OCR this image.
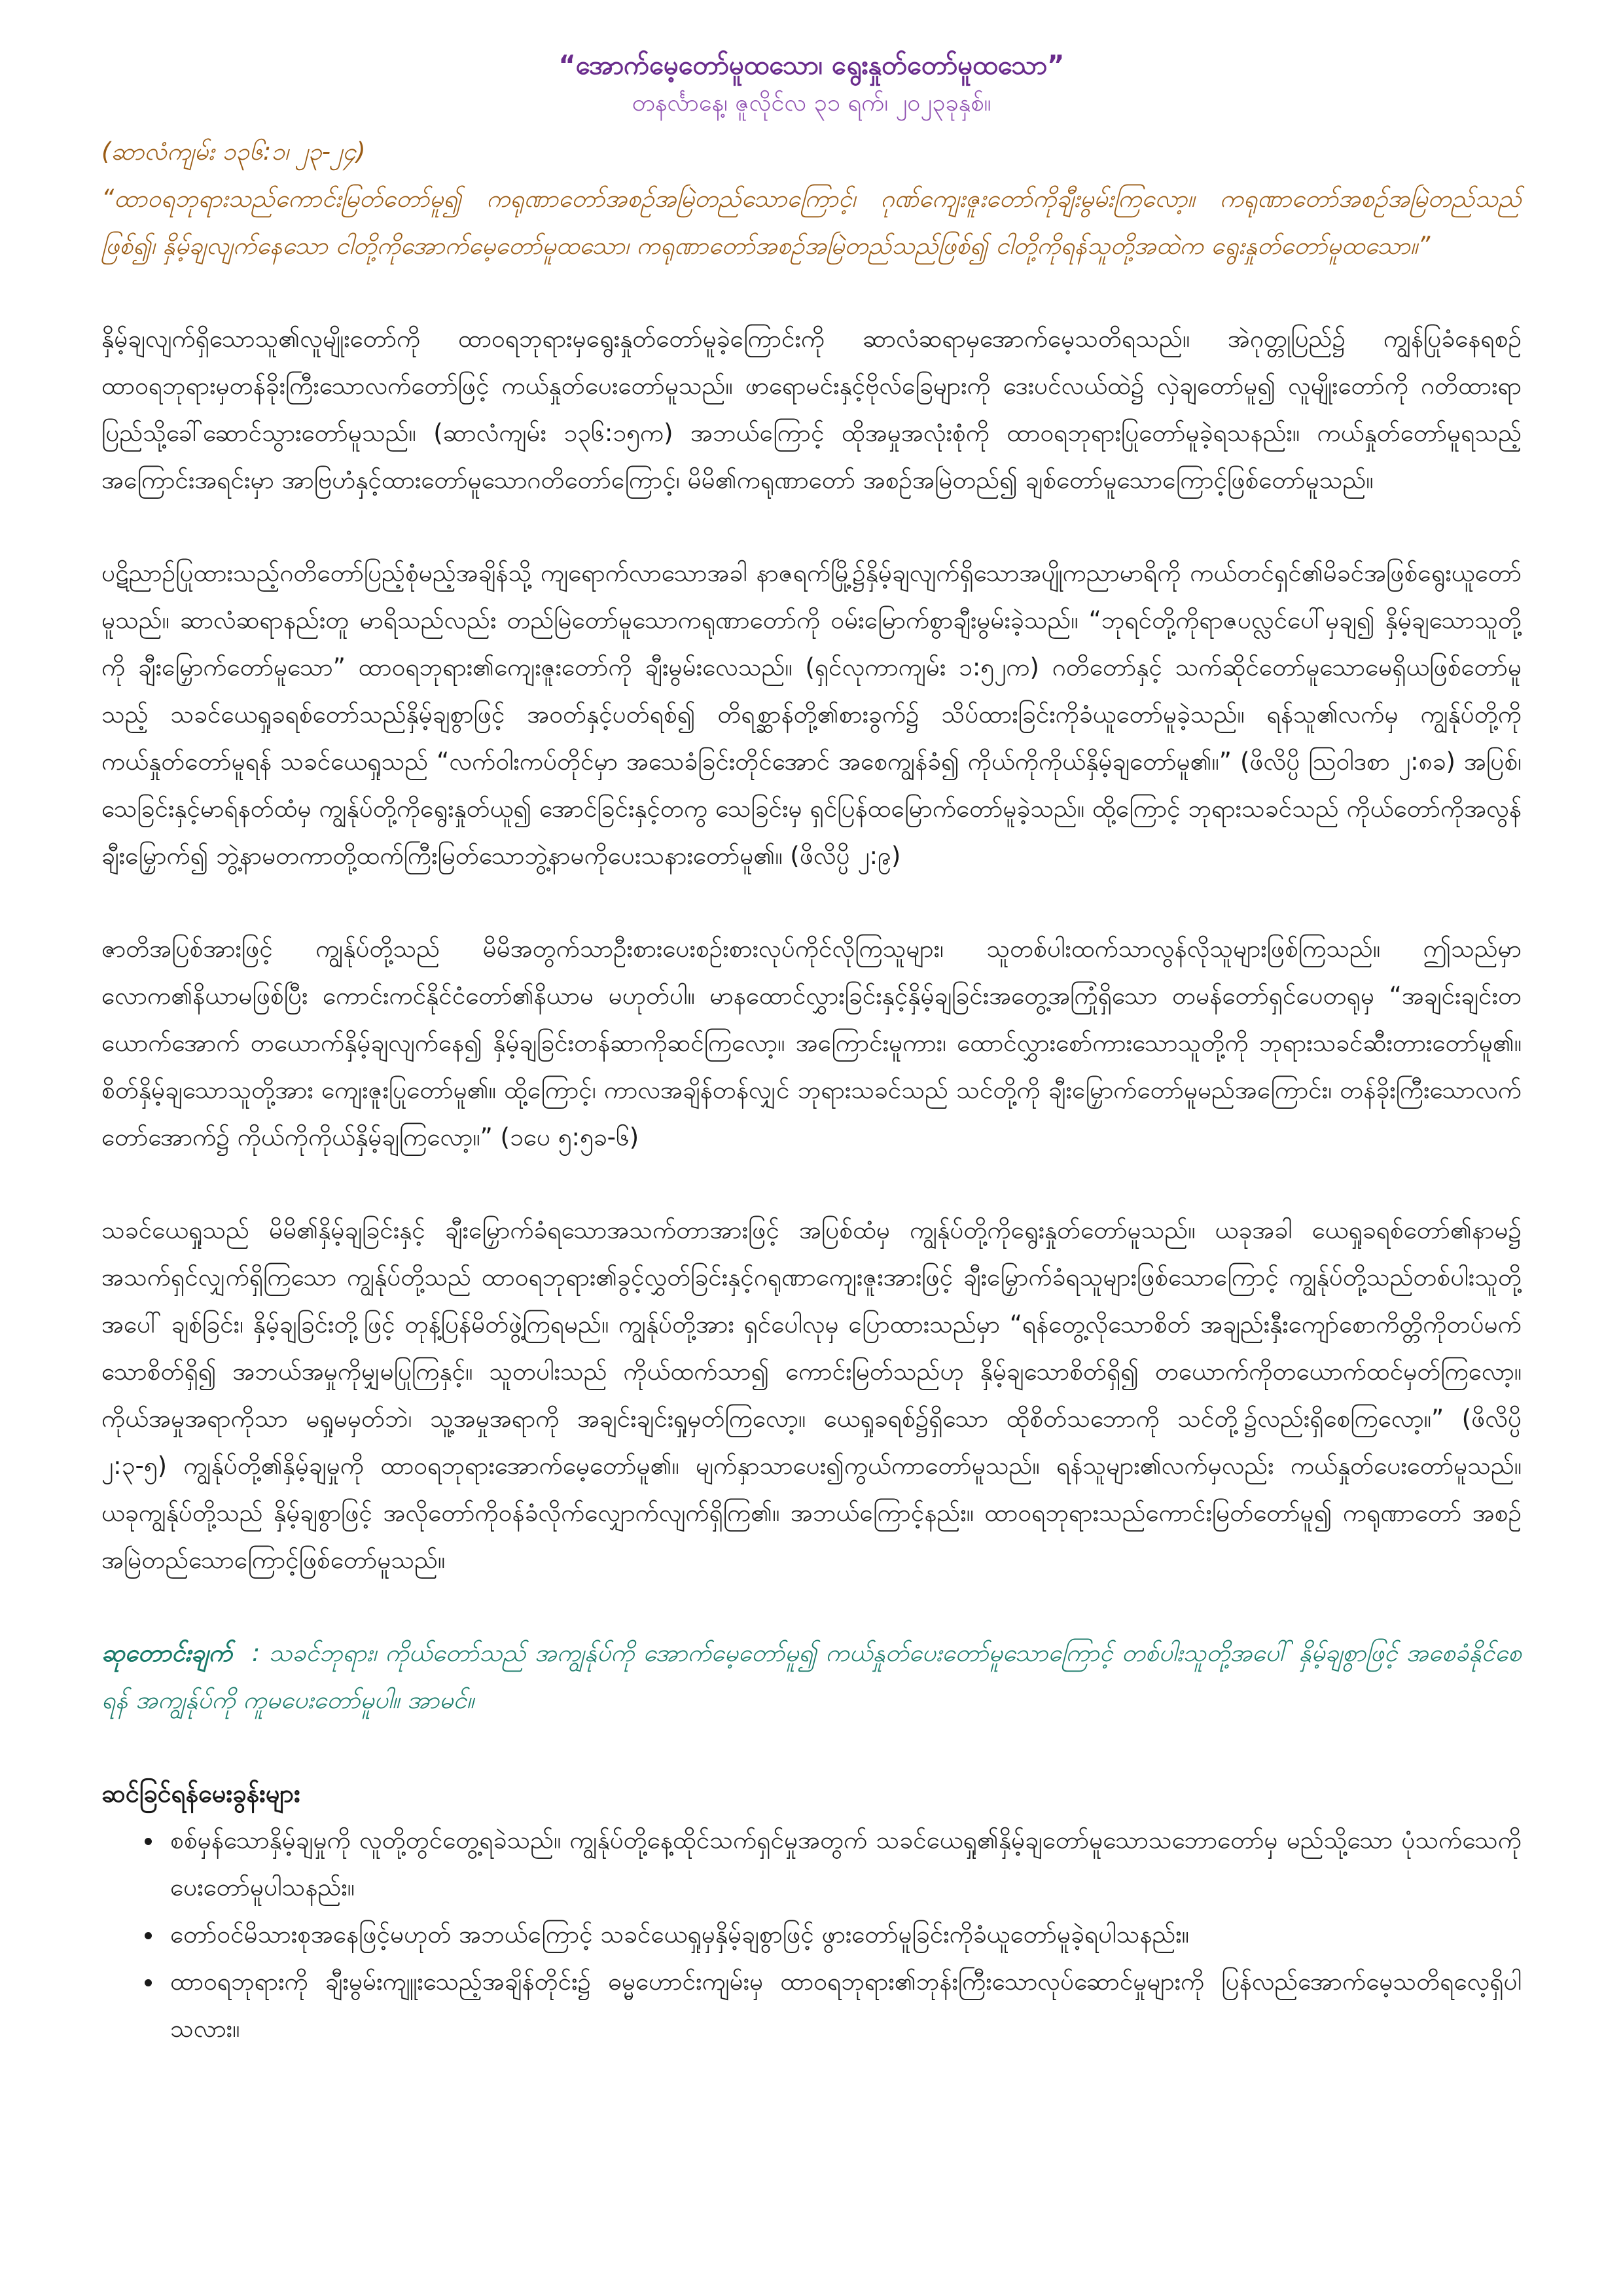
“အောက်မေ့တော်မူထသော၊ ရွေးနှုတ်တော်မူထသော”

တနင်္လာနေ့၊ ဇူလိုင်လ ၃၁ ရက်၊ ၂၀၂၃ခုနှစ်။

(ဆာလံကျမ်း ၁၃၆:၁၊ ၂၃-၂၄)

“ထာဝရဘုရားသည်ကောင်းမြတ်တော်မူ၍ ကရုဏာတော်အစဉ်အမြဲတည်သောကြောင့်၊ ဂုဏ်ကျေးဇူးတော်ကိုချီးမွမ်းကြလော့။ ကရုဏာတော်အစဉ်အမြဲတည်သည်ဖြစ်၍၊ နှိမ့်ချလျက်နေသော ငါတို့ကိုအောက်မေ့တော်မူထသော၊ ကရုဏာတော်အစဉ်အမြဲတည်သည်ဖြစ်၍ ငါတို့ကိုရန်သူတို့အထဲက ရွေးနှုတ်တော်မူထသော။”

နှိမ့်ချလျက်ရှိသောသူ၏လူမျိုးတော်ကို ထာဝရဘုရားမှရွေးနှုတ်တော်မူခဲ့ကြောင်းကို ဆာလံဆရာမှအောက်မေ့သတိရသည်။ အဲဂုတ္တုပြည်၌ ကျွန်ပြုခံနေရစဉ် ထာဝရဘုရားမှတန်ခိုးကြီးသောလက်တော်ဖြင့် ကယ်နှုတ်ပေးတော်မူသည်။ ဖာရောမင်းနှင့်ဗိုလ်ခြေများကို ဒေးပင်လယ်ထဲ၌ လှဲချတော်မူ၍ လူမျိုးတော်ကို ဂတိထားရာပြည်သို့ခေါ်ဆောင်သွားတော်မူသည်။ (ဆာလံကျမ်း ၁၃၆:၁၅က) အဘယ်ကြောင့် ထိုအမှုအလုံးစုံကို ထာဝရဘုရားပြုတော်မူခဲ့ရသနည်း။ ကယ်နှုတ်တော်မူရသည့်အကြောင်းအရင်းမှာ အာဗြဟံနှင့်ထားတော်မူသောဂတိတော်ကြောင့်၊ မိမိ၏ကရုဏာတော် အစဉ်အမြဲတည်၍ ချစ်တော်မူသောကြောင့်ဖြစ်တော်မူသည်။

ပဋိညာဉ်ပြုထားသည့်ဂတိတော်ပြည့်စုံမည့်အချိန်သို့ ကျရောက်လာသောအခါ နာဇရက်မြို့၌နှိမ့်ချလျက်ရှိသောအပျိုကညာမာရိကို ကယ်တင်ရှင်၏မိခင်အဖြစ်ရွေးယူတော်မူသည်။ ဆာလံဆရာနည်းတူ မာရိသည်လည်း တည်မြဲတော်မူသောကရုဏာတော်ကို ဝမ်းမြောက်စွာချီးမွမ်းခဲ့သည်။ “ဘုရင်တို့ကိုရာဇပလ္လင်ပေါ်မှချ၍ နှိမ့်ချသောသူတို့ကို ချီးမြှောက်တော်မူသော” ထာဝရဘုရား၏ကျေးဇူးတော်ကို ချီးမွမ်းလေသည်။ (ရှင်လုကာကျမ်း ၁:၅၂က) ဂတိတော်နှင့် သက်ဆိုင်တော်မူသောမေရှိယဖြစ်တော်မူသည့် သခင်ယေရှုခရစ်တော်သည်နှိမ့်ချစွာဖြင့် အဝတ်နှင့်ပတ်ရစ်၍ တိရစ္ဆာန်တို့၏စားခွက်၌ သိပ်ထားခြင်းကိုခံယူတော်မူခဲ့သည်။ ရန်သူ၏လက်မှ ကျွန်ုပ်တို့ကို ကယ်နှုတ်တော်မူရန် သခင်ယေရှုသည် “လက်ဝါးကပ်တိုင်မှာ အသေခံခြင်းတိုင်အောင် အစေကျွန်ခံ၍ ကိုယ်ကိုကိုယ်နှိမ့်ချတော်မူ၏။” (ဖိလိပ္ပိ ဩဝါဒစာ ၂:၈ခ) အပြစ်၊ သေခြင်းနှင့်မာရ်နတ်ထံမှ ကျွန်ုပ်တို့ကိုရွေးနှုတ်ယူ၍ အောင်ခြင်းနှင့်တကွ သေခြင်းမှ ရှင်ပြန်ထမြောက်တော်မူခဲ့သည်။ ထို့ကြောင့် ဘုရားသခင်သည် ကိုယ်တော်ကိုအလွန်ချီးမြှောက်၍ ဘွဲ့နာမတကာတို့ထက်ကြီးမြတ်သောဘွဲ့နာမကိုပေးသနားတော်မူ၏။ (ဖိလိပ္ပိ ၂:၉)

ဇာတိအပြစ်အားဖြင့် ကျွန်ုပ်တို့သည် မိမိအတွက်သာဦးစားပေးစဉ်းစားလုပ်ကိုင်လိုကြသူများ၊ သူတစ်ပါးထက်သာလွန်လိုသူများဖြစ်ကြသည်။ ဤသည်မှာ လောက၏နိယာမဖြစ်ပြီး ကောင်းကင်နိုင်ငံတော်၏နိယာမ မဟုတ်ပါ။ မာနထောင်လွှားခြင်းနှင့်နှိမ့်ချခြင်းအတွေ့အကြုံရှိသော တမန်တော်ရှင်ပေတရုမှ “အချင်းချင်းတယောက်အောက် တယောက်နှိမ့်ချလျက်နေ၍ နှိမ့်ချခြင်းတန်ဆာကိုဆင်ကြလော့။ အကြောင်းမူကား၊ ထောင်လွှားစော်ကားသောသူတို့ကို ဘုရားသခင်ဆီးတားတော်မူ၏။ စိတ်နှိမ့်ချသောသူတို့အား ကျေးဇူးပြုတော်မူ၏။ ထို့ကြောင့်၊ ကာလအချိန်တန်လျှင် ဘုရားသခင်သည် သင်တို့ကို ချီးမြှောက်တော်မူမည်အကြောင်း၊ တန်ခိုးကြီးသောလက်တော်အောက်၌ ကိုယ်ကိုကိုယ်နှိမ့်ချကြလော့။” (၁ပေ ၅:၅ခ-၆)

သခင်ယေရှုသည် မိမိ၏နှိမ့်ချခြင်းနှင့် ချီးမြှောက်ခံရသောအသက်တာအားဖြင့် အပြစ်ထံမှ ကျွန်ုပ်တို့ကိုရွေးနှုတ်တော်မူသည်။ ယခုအခါ ယေရှုခရစ်တော်၏နာမ၌ အသက်ရှင်လျှက်ရှိကြသော ကျွန်ုပ်တို့သည် ထာဝရဘုရား၏ခွင့်လွှတ်ခြင်းနှင့်ဂရုဏာကျေးဇူးအားဖြင့် ချီးမြှောက်ခံရသူများဖြစ်သောကြောင့် ကျွန်ုပ်တို့သည်တစ်ပါးသူတို့အပေါ် ချစ်ခြင်း၊ နှိမ့်ချခြင်းတို့ဖြင့် တုန့်ပြန်မိတ်ဖွဲ့ကြရမည်။ ကျွန်ုပ်တို့အား ရှင်ပေါလုမှ ပြောထားသည်မှာ “ရန်တွေ့လိုသောစိတ် အချည်းနှီးကျော်စောကိတ္တိကိုတပ်မက်သောစိတ်ရှိ၍ အဘယ်အမှုကိုမျှမပြုကြနှင့်။ သူတပါးသည် ကိုယ်ထက်သာ၍ ကောင်းမြတ်သည်ဟု နှိမ့်ချသောစိတ်ရှိ၍ တယောက်ကိုတယောက်ထင်မှတ်ကြလော့။ ကိုယ်အမှုအရာကိုသာ မရှုမမှတ်ဘဲ၊ သူ့အမှုအရာကို အချင်းချင်းရှုမှတ်ကြလော့။ ယေရှုခရစ်၌ရှိသော ထိုစိတ်သဘောကို သင်တို့၌လည်းရှိစေကြလော့။” (ဖိလိပ္ပိ ၂:၃-၅) ကျွန်ုပ်တို့၏နှိမ့်ချမှုကို ထာဝရဘုရားအောက်မေ့တော်မူ၏။ မျက်နှာသာပေး၍ကွယ်ကာတော်မူသည်။ ရန်သူများ၏လက်မှလည်း ကယ်နှုတ်ပေးတော်မူသည်။ ယခုကျွန်ုပ်တို့သည် နှိမ့်ချစွာဖြင့် အလိုတော်ကိုဝန်ခံလိုက်လျှောက်လျက်ရှိကြ၏။ အဘယ်ကြောင့်နည်း။ ထာဝရဘုရားသည်ကောင်းမြတ်တော်မူ၍ ကရုဏာတော် အစဉ်အမြဲတည်သောကြောင့်ဖြစ်တော်မူသည်။

ဆုတောင်းချက် : သခင်ဘုရား၊ ကိုယ်တော်သည် အကျွန်ုပ်ကို အောက်မေ့တော်မူ၍ ကယ်နှုတ်ပေးတော်မူသောကြောင့် တစ်ပါးသူတို့အပေါ် နှိမ့်ချစွာဖြင့် အစေခံနိုင်စေရန် အကျွန်ုပ်ကို ကူမပေးတော်မူပါ။ အာမင်။

ဆင်ခြင်ရန်မေးခွန်းများ

• စစ်မှန်သောနှိမ့်ချမှုကို လူတို့တွင်တွေ့ရခဲသည်။ ကျွန်ုပ်တို့နေ့ထိုင်သက်ရှင်မှုအတွက် သခင်ယေရှု၏နှိမ့်ချတော်မူသောသဘောတော်မှ မည်သို့သော ပုံသက်သေကို ပေးတော်မူပါသနည်း။
• တော်ဝင်မိသားစုအနေဖြင့်မဟုတ် အဘယ်ကြောင့် သခင်ယေရှုမှနှိမ့်ချစွာဖြင့် ဖွားတော်မူခြင်းကိုခံယူတော်မူခဲ့ရပါသနည်း။
• ထာဝရဘုရားကို ချီးမွမ်းကျူးသေည့်အချိန်တိုင်း၌ ဓမ္မဟောင်းကျမ်းမှ ထာဝရဘုရား၏ဘုန်းကြီးသောလုပ်ဆောင်မှုများကို ပြန်လည်အောက်မေ့သတိရလေ့ရှိပါသလား။
